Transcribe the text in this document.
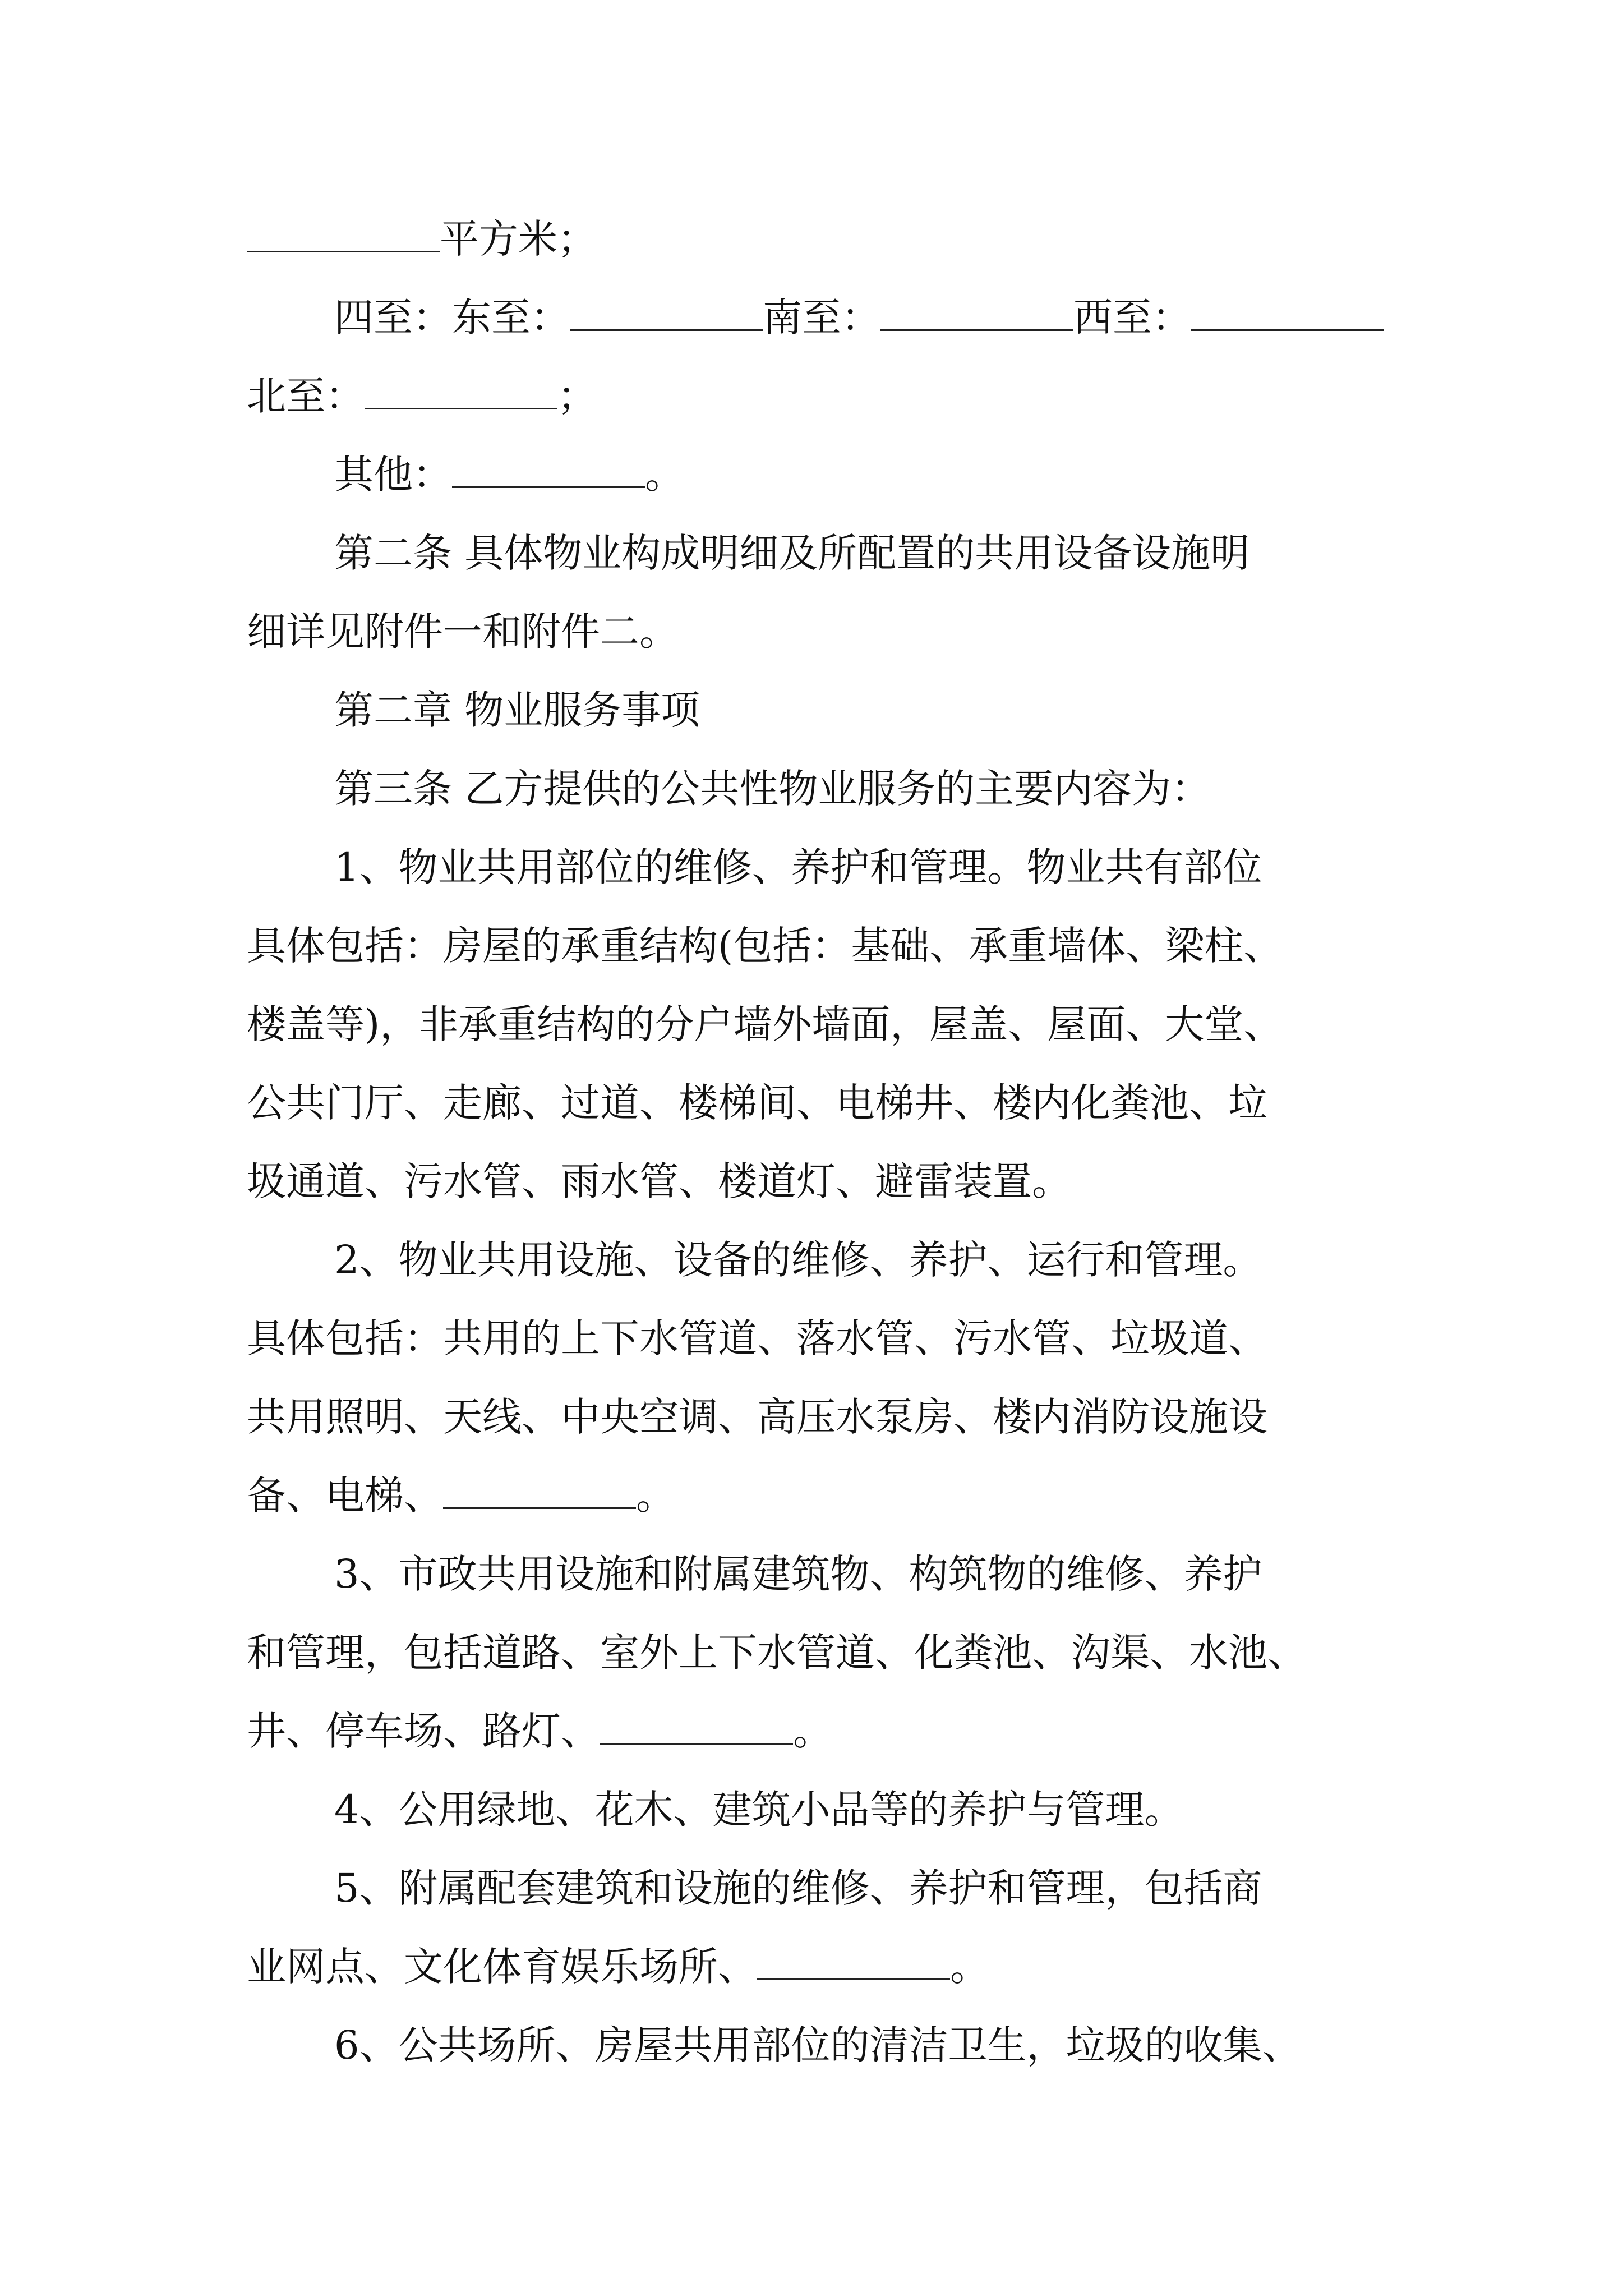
平方米；
四至：东至：	南至：	西至：
北至：	；
其他：	。
第二条 具体物业构成明细及所配置的共用设备设施明
细详见附件一和附件二。
第二章 物业服务事项
第三条 乙方提供的公共性物业服务的主要内容为：
1、物业共用部位的维修、养护和管理。物业共有部位
具体包括：房屋的承重结构(包括：基础、承重墙体、梁柱、
楼盖等)，非承重结构的分户墙外墙面，屋盖、屋面、大堂、
公共门厅、走廊、过道、楼梯间、电梯井、楼内化粪池、垃
圾通道、污水管、雨水管、楼道灯、避雷装置。
2、物业共用设施、设备的维修、养护、运行和管理。
具体包括：共用的上下水管道、落水管、污水管、垃圾道、
共用照明、天线、中央空调、高压水泵房、楼内消防设施设
备、电梯、	。
3、市政共用设施和附属建筑物、构筑物的维修、养护
和管理，包括道路、室外上下水管道、化粪池、沟渠、水池、
井、停车场、路灯、	。
4、公用绿地、花木、建筑小品等的养护与管理。
5、附属配套建筑和设施的维修、养护和管理，包括商
业网点、文化体育娱乐场所、	。
6、公共场所、房屋共用部位的清洁卫生，垃圾的收集、
